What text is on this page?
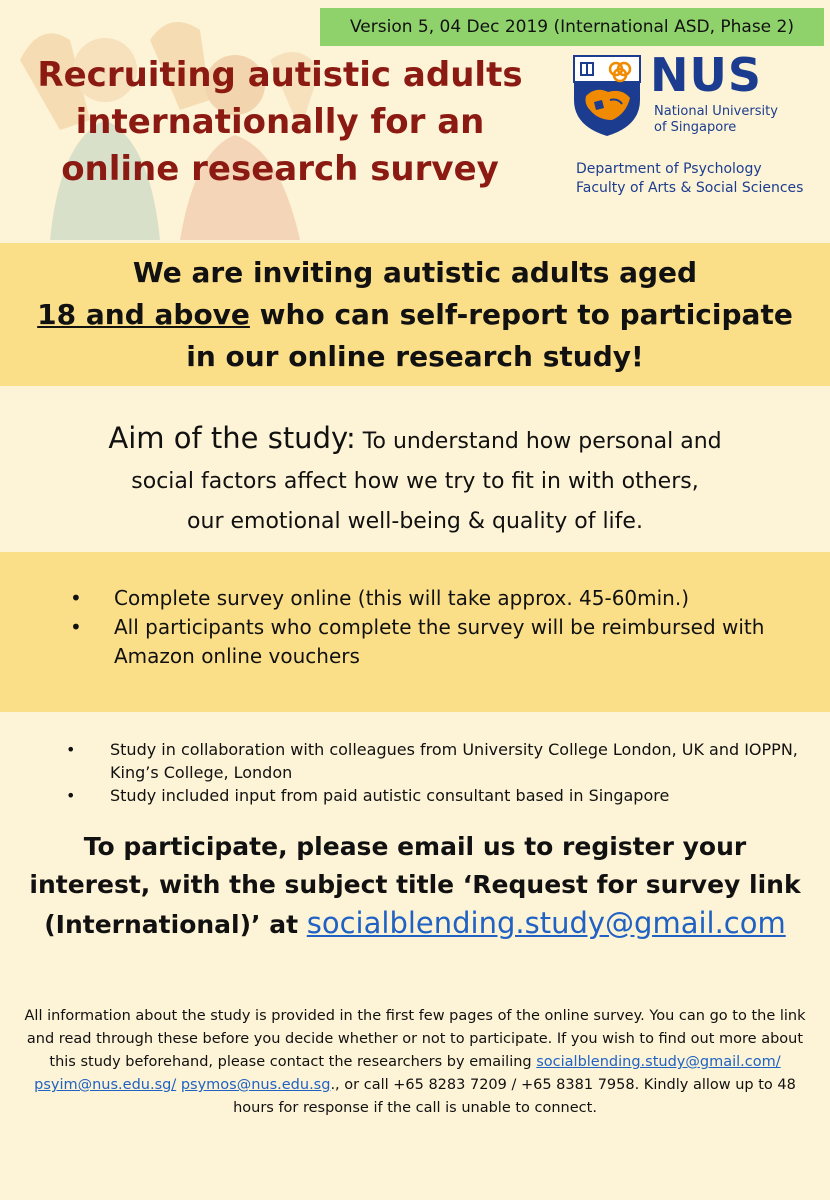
Version 5, 04 Dec 2019 (International ASD, Phase 2)
Recruiting autistic adults
internationally for an
online research survey
NUS
National University
of Singapore
Department of Psychology
Faculty of Arts & Social Sciences
We are inviting autistic adults aged
18 and above who can self-report to participate
in our online research study!
Aim of the study: To understand how personal and
social factors affect how we try to fit in with others,
our emotional well-being & quality of life.
• Complete survey online (this will take approx. 45-60min.)
• All participants who complete the survey will be reimbursed with Amazon online vouchers
• Study in collaboration with colleagues from University College London, UK and IOPPN, King’s College, London
• Study included input from paid autistic consultant based in Singapore
To participate, please email us to register your
interest, with the subject title ‘Request for survey link
(International)’ at socialblending.study@gmail.com
All information about the study is provided in the first few pages of the online survey. You can go to the link and read through these before you decide whether or not to participate. If you wish to find out more about this study beforehand, please contact the researchers by emailing socialblending.study@gmail.com/ psyim@nus.edu.sg/ psymos@nus.edu.sg., or call +65 8283 7209 / +65 8381 7958. Kindly allow up to 48 hours for response if the call is unable to connect.
